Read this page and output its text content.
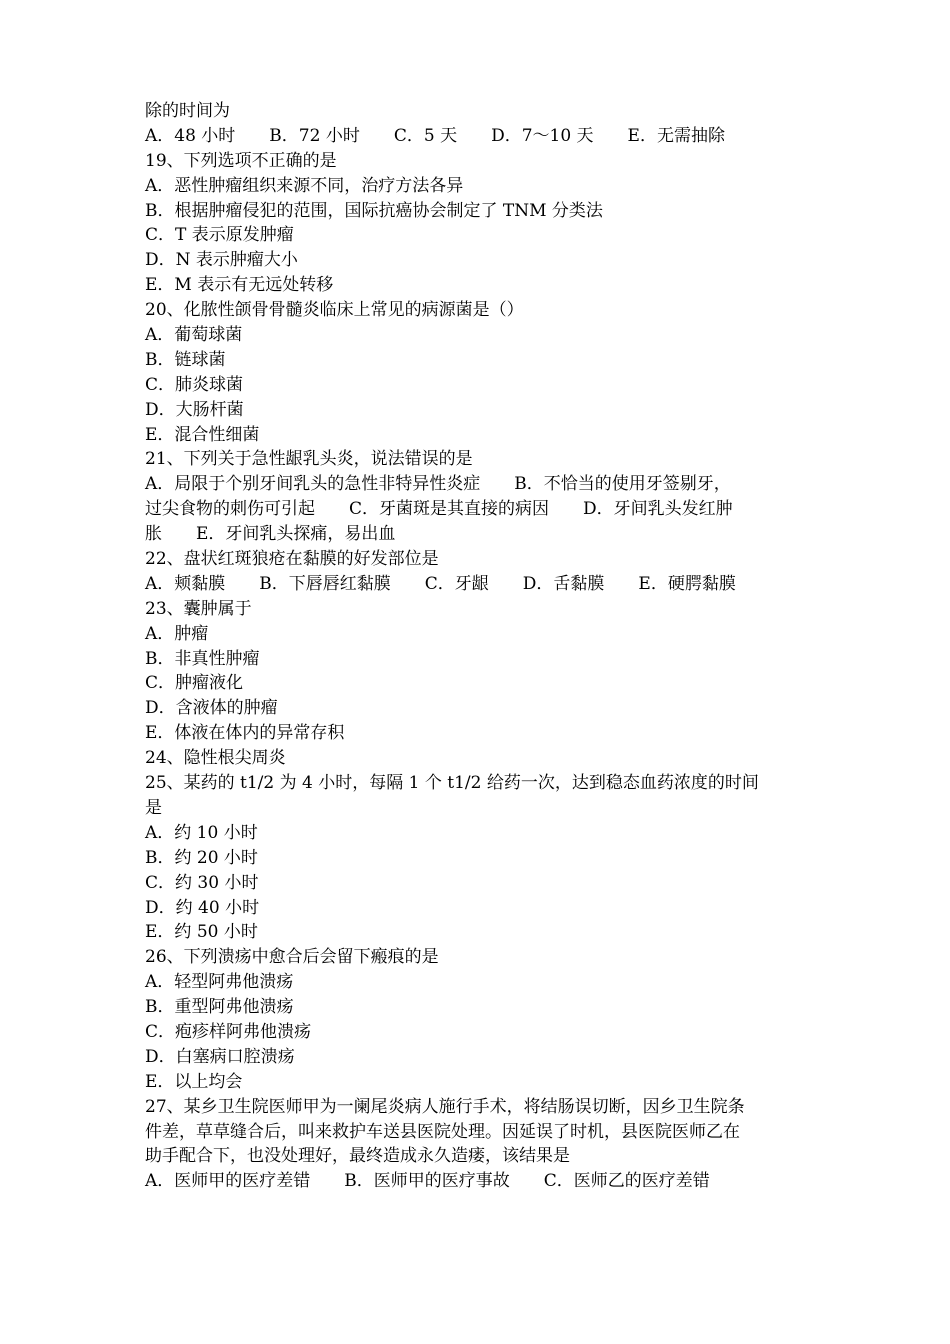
除的时间为
A．48 小时　　B．72 小时　　C．5 天　　D．7～10 天　　E．无需抽除
19、下列选项不正确的是
A．恶性肿瘤组织来源不同，治疗方法各异
B．根据肿瘤侵犯的范围，国际抗癌协会制定了 TNM 分类法
C．T 表示原发肿瘤
D．N 表示肿瘤大小
E．M 表示有无远处转移
20、化脓性颌骨骨髓炎临床上常见的病源菌是（）
A．葡萄球菌
B．链球菌
C．肺炎球菌
D．大肠杆菌
E．混合性细菌
21、下列关于急性龈乳头炎，说法错误的是
A．局限于个别牙间乳头的急性非特异性炎症　　B．不恰当的使用牙签剔牙，
过尖食物的刺伤可引起　　C．牙菌斑是其直接的病因　　D．牙间乳头发红肿
胀　　E．牙间乳头探痛，易出血
22、盘状红斑狼疮在黏膜的好发部位是
A．颊黏膜　　B．下唇唇红黏膜　　C．牙龈　　D．舌黏膜　　E．硬腭黏膜
23、囊肿属于
A．肿瘤
B．非真性肿瘤
C．肿瘤液化
D．含液体的肿瘤
E．体液在体内的异常存积
24、隐性根尖周炎
25、某药的 t1/2 为 4 小时，每隔 1 个 t1/2 给药一次，达到稳态血药浓度的时间
是
A．约 10 小时
B．约 20 小时
C．约 30 小时
D．约 40 小时
E．约 50 小时
26、下列溃疡中愈合后会留下瘢痕的是
A．轻型阿弗他溃疡
B．重型阿弗他溃疡
C．疱疹样阿弗他溃疡
D．白塞病口腔溃疡
E．以上均会
27、某乡卫生院医师甲为一阑尾炎病人施行手术，将结肠误切断，因乡卫生院条
件差，草草缝合后，叫来救护车送县医院处理。因延误了时机，县医院医师乙在
助手配合下，也没处理好，最终造成永久造瘘，该结果是
A．医师甲的医疗差错　　B．医师甲的医疗事故　　C．医师乙的医疗差错
